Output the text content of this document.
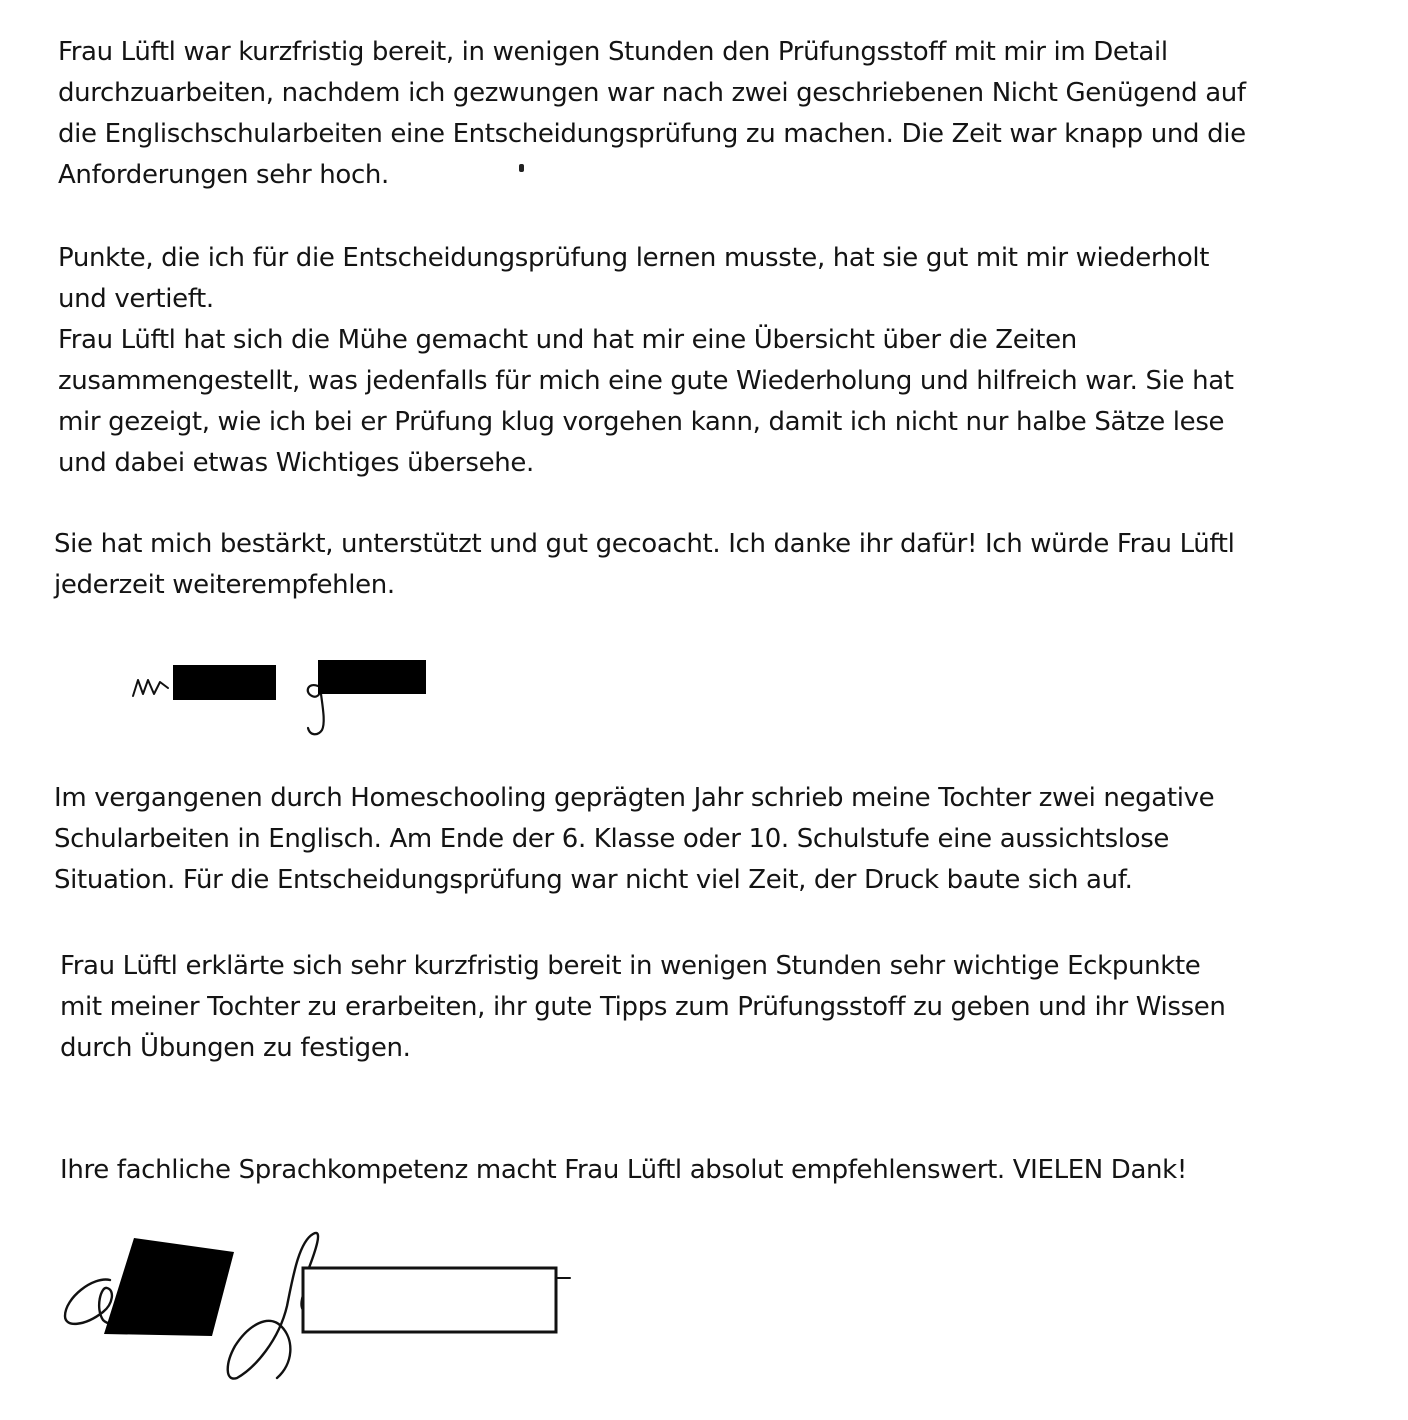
Frau Lüftl war kurzfristig bereit, in wenigen Stunden den Prüfungsstoff mit mir im Detail
durchzuarbeiten, nachdem ich gezwungen war nach zwei geschriebenen Nicht Genügend auf
die Englischschularbeiten eine Entscheidungsprüfung zu machen. Die Zeit war knapp und die
Anforderungen sehr hoch.

Punkte, die ich für die Entscheidungsprüfung lernen musste, hat sie gut mit mir wiederholt
und vertieft.
Frau Lüftl hat sich die Mühe gemacht und hat mir eine Übersicht über die Zeiten
zusammengestellt, was jedenfalls für mich eine gute Wiederholung und hilfreich war. Sie hat
mir gezeigt, wie ich bei er Prüfung klug vorgehen kann, damit ich nicht nur halbe Sätze lese
und dabei etwas Wichtiges übersehe.

Sie hat mich bestärkt, unterstützt und gut gecoacht. Ich danke ihr dafür! Ich würde Frau Lüftl
jederzeit weiterempfehlen.

Im vergangenen durch Homeschooling geprägten Jahr schrieb meine Tochter zwei negative
Schularbeiten in Englisch. Am Ende der 6. Klasse oder 10. Schulstufe eine aussichtslose
Situation. Für die Entscheidungsprüfung war nicht viel Zeit, der Druck baute sich auf.

Frau Lüftl erklärte sich sehr kurzfristig bereit in wenigen Stunden sehr wichtige Eckpunkte
mit meiner Tochter zu erarbeiten, ihr gute Tipps zum Prüfungsstoff zu geben und ihr Wissen
durch Übungen zu festigen.

Ihre fachliche Sprachkompetenz macht Frau Lüftl absolut empfehlenswert. VIELEN Dank!
